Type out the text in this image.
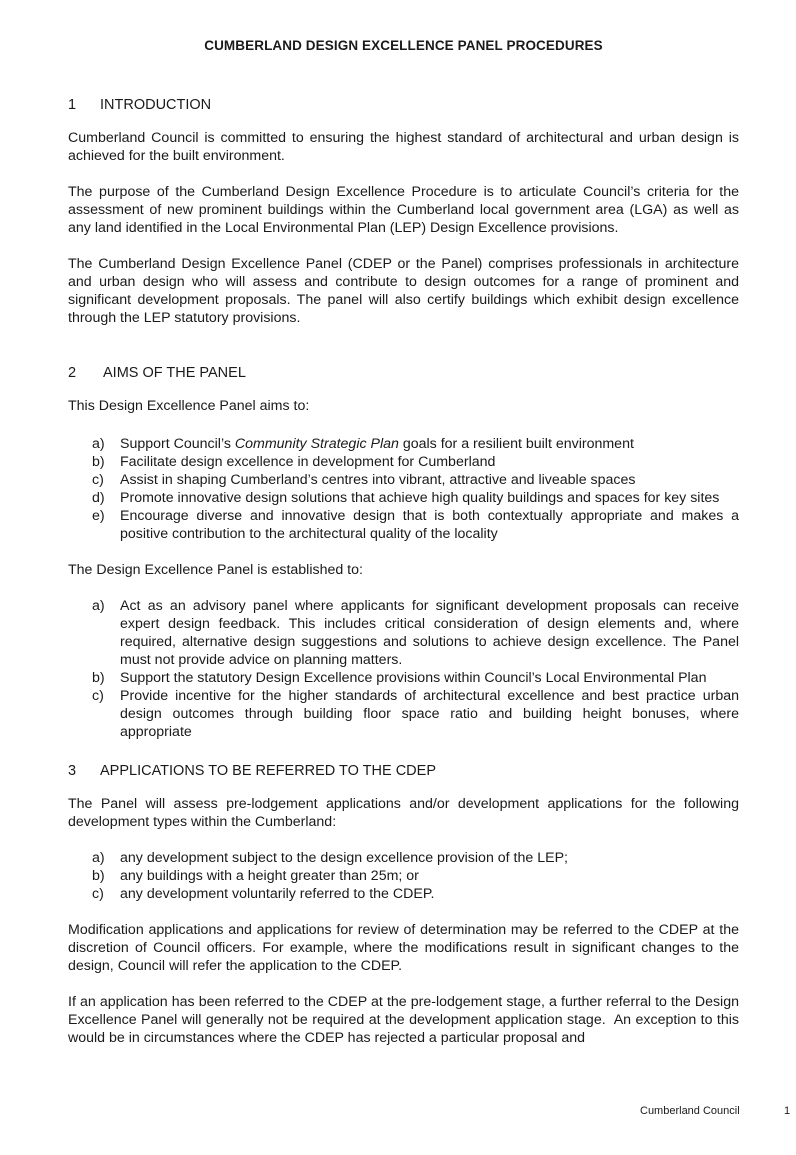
CUMBERLAND DESIGN EXCELLENCE PANEL PROCEDURES
1	INTRODUCTION

Cumberland Council is committed to ensuring the highest standard of architectural and urban design is achieved for the built environment.

The purpose of the Cumberland Design Excellence Procedure is to articulate Council’s criteria for the assessment of new prominent buildings within the Cumberland local government area (LGA) as well as any land identified in the Local Environmental Plan (LEP) Design Excellence provisions.

The Cumberland Design Excellence Panel (CDEP or the Panel) comprises professionals in architecture and urban design who will assess and contribute to design outcomes for a range of prominent and significant development proposals. The panel will also certify buildings which exhibit design excellence through the LEP statutory provisions.

2	AIMS OF THE PANEL

This Design Excellence Panel aims to:

a)	Support Council’s Community Strategic Plan goals for a resilient built environment
b)	Facilitate design excellence in development for Cumberland
c)	Assist in shaping Cumberland’s centres into vibrant, attractive and liveable spaces
d)	Promote innovative design solutions that achieve high quality buildings and spaces for key sites
e)	Encourage diverse and innovative design that is both contextually appropriate and makes a positive contribution to the architectural quality of the locality

The Design Excellence Panel is established to:

a)	Act as an advisory panel where applicants for significant development proposals can receive expert design feedback. This includes critical consideration of design elements and, where required, alternative design suggestions and solutions to achieve design excellence. The Panel must not provide advice on planning matters.
b)	Support the statutory Design Excellence provisions within Council’s Local Environmental Plan
c)	Provide incentive for the higher standards of architectural excellence and best practice urban design outcomes through building floor space ratio and building height bonuses, where appropriate
3	APPLICATIONS TO BE REFERRED TO THE CDEP

The Panel will assess pre-lodgement applications and/or development applications for the following development types within the Cumberland:

a)	any development subject to the design excellence provision of the LEP;
b)	any buildings with a height greater than 25m; or
c)	any development voluntarily referred to the CDEP.

Modification applications and applications for review of determination may be referred to the CDEP at the discretion of Council officers. For example, where the modifications result in significant changes to the design, Council will refer the application to the CDEP.

If an application has been referred to the CDEP at the pre-lodgement stage, a further referral to the Design Excellence Panel will generally not be required at the development application stage.  An exception to this would be in circumstances where the CDEP has rejected a particular proposal and

Cumberland Council	1
